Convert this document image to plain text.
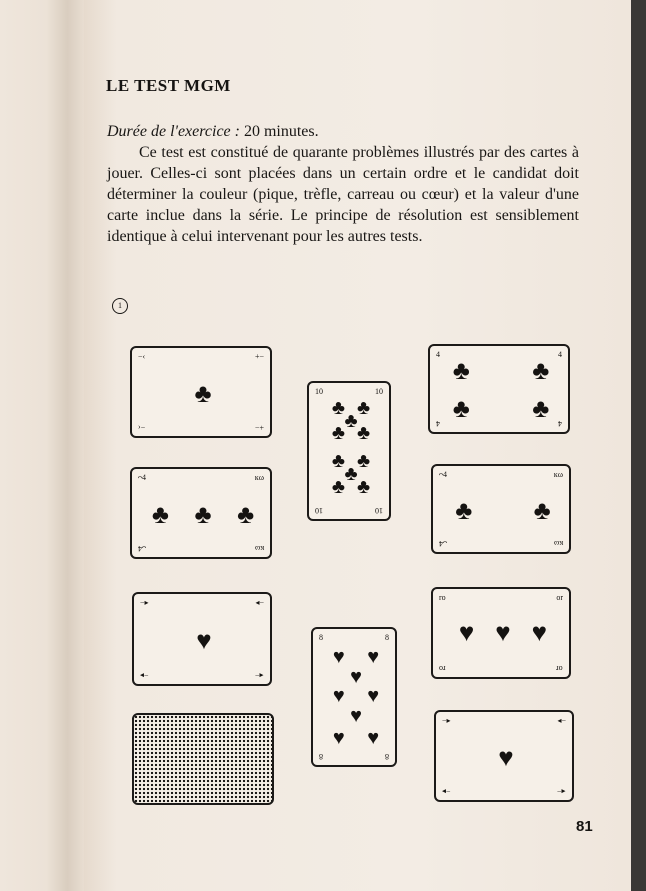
LE TEST MGM

Durée de l'exercice : 20 minutes.
Ce test est constitué de quarante problèmes illustrés par des cartes à jouer. Celles-ci sont placées dans un certain ordre et le candidat doit déterminer la couleur (pique, trèfle, carreau ou cœur) et la valeur d'une carte inclue dans la série. Le principe de résolution est sensiblement identique à celui intervenant pour les autres tests.

1
♣
−‹	+−
−‹	+−
♣ ♣ ♣
ᴖ4	ĸω
ᴗ4	ĸω
♥
−▸	◂−
−▸	◂−
♣ ♣
♣
♣ ♣
♣ ♣
♣ ♣
♣
10	10
10	10
♥ ♥
♥
♥ ♥
♥
♥ ♥
8	8
8	8
♣ ♣
♣ ♣
4	4
4	4
♣ ♣
ᴖ4	ĸω
ᴗ4	ĸω
♥ ♥ ♥
ro	or
ro	or
♥
−▸	◂−
−▸	◂−

81
